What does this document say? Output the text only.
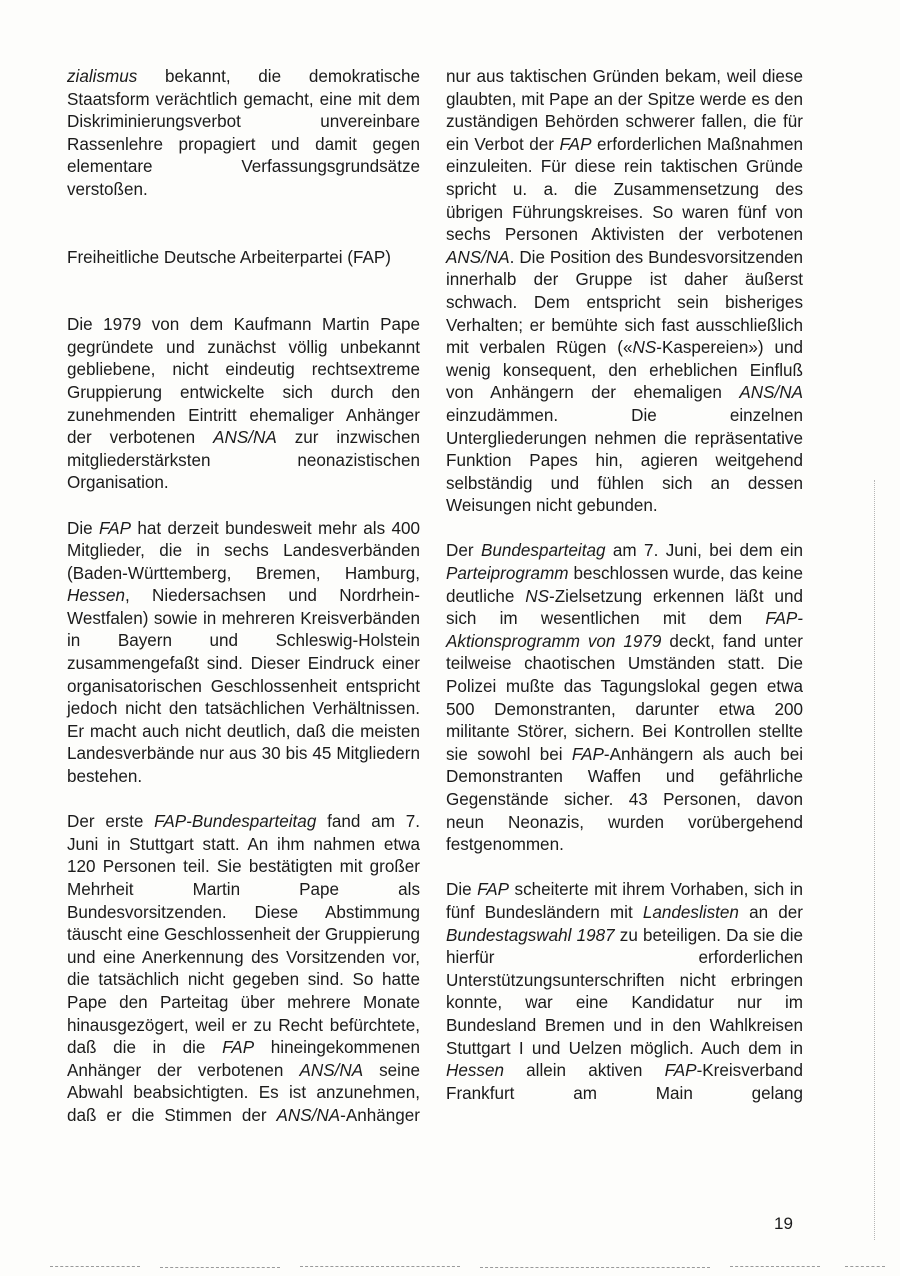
zialismus bekannt, die demokratische Staatsform verächtlich gemacht, eine mit dem Diskriminierungsverbot unvereinbare Rassenlehre propagiert und damit gegen elementare Verfassungsgrundsätze verstoßen.

Freiheitliche Deutsche Arbeiterpartei (FAP)

Die 1979 von dem Kaufmann Martin Pape gegründete und zunächst völlig unbekannt gebliebene, nicht eindeutig rechtsextreme Gruppierung entwickelte sich durch den zunehmenden Eintritt ehemaliger Anhänger der verbotenen ANS/NA zur inzwischen mitgliederstärksten neonazistischen Organisation.

Die FAP hat derzeit bundesweit mehr als 400 Mitglieder, die in sechs Landesverbänden (Baden-Württemberg, Bremen, Hamburg, Hessen, Niedersachsen und Nordrhein-Westfalen) sowie in mehreren Kreisverbänden in Bayern und Schleswig-Holstein zusammengefaßt sind. Dieser Eindruck einer organisatorischen Geschlossenheit entspricht jedoch nicht den tatsächlichen Verhältnissen. Er macht auch nicht deutlich, daß die meisten Landesverbände nur aus 30 bis 45 Mitgliedern bestehen.

Der erste FAP-Bundesparteitag fand am 7. Juni in Stuttgart statt. An ihm nahmen etwa 120 Personen teil. Sie bestätigten mit großer Mehrheit Martin Pape als Bundesvorsitzenden. Diese Abstimmung täuscht eine Geschlossenheit der Gruppierung und eine Anerkennung des Vorsitzenden vor, die tatsächlich nicht gegeben sind. So hatte Pape den Parteitag über mehrere Monate hinausgezögert, weil er zu Recht befürchtete, daß die in die FAP hineingekommenen Anhänger der verbotenen ANS/NA seine Abwahl beabsichtigten. Es ist anzunehmen, daß er die Stimmen der ANS/NA-Anhänger

nur aus taktischen Gründen bekam, weil diese glaubten, mit Pape an der Spitze werde es den zuständigen Behörden schwerer fallen, die für ein Verbot der FAP erforderlichen Maßnahmen einzuleiten. Für diese rein taktischen Gründe spricht u. a. die Zusammensetzung des übrigen Führungskreises. So waren fünf von sechs Personen Aktivisten der verbotenen ANS/NA. Die Position des Bundesvorsitzenden innerhalb der Gruppe ist daher äußerst schwach. Dem entspricht sein bisheriges Verhalten; er bemühte sich fast ausschließlich mit verbalen Rügen («NS-Kaspereien») und wenig konsequent, den erheblichen Einfluß von Anhängern der ehemaligen ANS/NA einzudämmen. Die einzelnen Untergliederungen nehmen die repräsentative Funktion Papes hin, agieren weitgehend selbständig und fühlen sich an dessen Weisungen nicht gebunden.

Der Bundesparteitag am 7. Juni, bei dem ein Parteiprogramm beschlossen wurde, das keine deutliche NS-Zielsetzung erkennen läßt und sich im wesentlichen mit dem FAP-Aktionsprogramm von 1979 deckt, fand unter teilweise chaotischen Umständen statt. Die Polizei mußte das Tagungslokal gegen etwa 500 Demonstranten, darunter etwa 200 militante Störer, sichern. Bei Kontrollen stellte sie sowohl bei FAP-Anhängern als auch bei Demonstranten Waffen und gefährliche Gegenstände sicher. 43 Personen, davon neun Neonazis, wurden vorübergehend festgenommen.

Die FAP scheiterte mit ihrem Vorhaben, sich in fünf Bundesländern mit Landeslisten an der Bundestagswahl 1987 zu beteiligen. Da sie die hierfür erforderlichen Unterstützungsunterschriften nicht erbringen konnte, war eine Kandidatur nur im Bundesland Bremen und in den Wahlkreisen Stuttgart I und Uelzen möglich. Auch dem in Hessen allein aktiven FAP-Kreisverband Frankfurt am Main gelang

19
